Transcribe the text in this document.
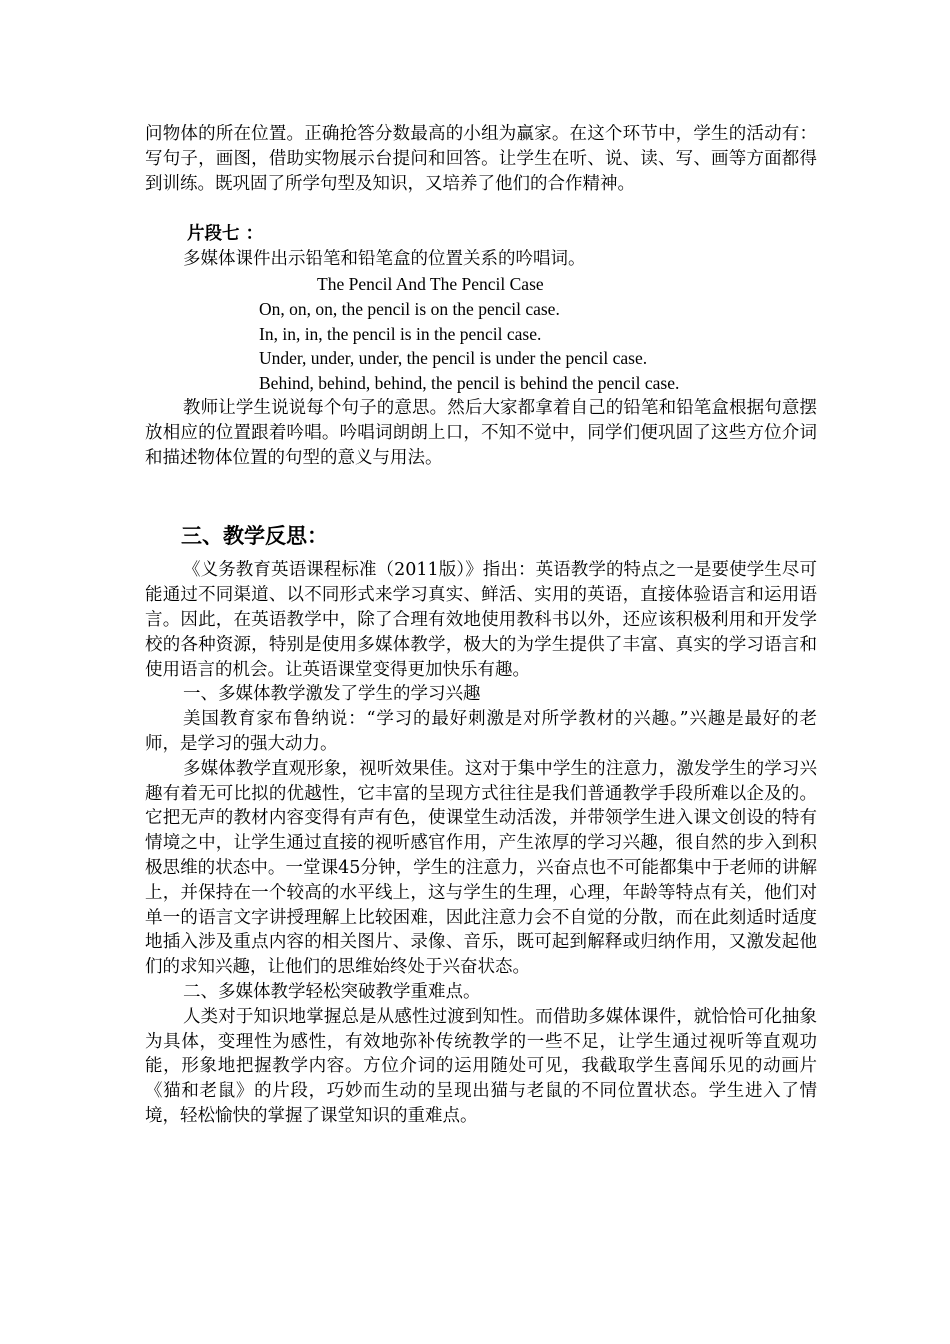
问物体的所在位置。正确抢答分数最高的小组为赢家。在这个环节中，学生的活动有：写句子，画图，借助实物展示台提问和回答。让学生在听、说、读、写、画等方面都得到训练。既巩固了所学句型及知识，又培养了他们的合作精神。

片段七 ：

多媒体课件出示铅笔和铅笔盒的位置关系的吟唱词。

The Pencil And The Pencil Case

On, on, on, the pencil is on the pencil case.

In, in, in, the pencil is in the pencil case.

Under, under, under, the pencil is under the pencil case.

Behind, behind, behind, the pencil is behind the pencil case.

教师让学生说说每个句子的意思。然后大家都拿着自己的铅笔和铅笔盒根据句意摆放相应的位置跟着吟唱。吟唱词朗朗上口，不知不觉中，同学们便巩固了这些方位介词和描述物体位置的句型的意义与用法。

三、教学反思：

《义务教育英语课程标准（2011版）》指出：英语教学的特点之一是要使学生尽可能通过不同渠道、以不同形式来学习真实、鲜活、实用的英语，直接体验语言和运用语言。因此，在英语教学中，除了合理有效地使用教科书以外，还应该积极利用和开发学校的各种资源，特别是使用多媒体教学，极大的为学生提供了丰富、真实的学习语言和使用语言的机会。让英语课堂变得更加快乐有趣。

一、多媒体教学激发了学生的学习兴趣

美国教育家布鲁纳说：“学习的最好刺激是对所学教材的兴趣。”兴趣是最好的老师，是学习的强大动力。

多媒体教学直观形象，视听效果佳。这对于集中学生的注意力，激发学生的学习兴趣有着无可比拟的优越性，它丰富的呈现方式往往是我们普通教学手段所难以企及的。它把无声的教材内容变得有声有色，使课堂生动活泼，并带领学生进入课文创设的特有情境之中，让学生通过直接的视听感官作用，产生浓厚的学习兴趣，很自然的步入到积极思维的状态中。一堂课45分钟，学生的注意力，兴奋点也不可能都集中于老师的讲解上，并保持在一个较高的水平线上，这与学生的生理，心理，年龄等特点有关，他们对单一的语言文字讲授理解上比较困难，因此注意力会不自觉的分散，而在此刻适时适度地插入涉及重点内容的相关图片、录像、音乐，既可起到解释或归纳作用，又激发起他们的求知兴趣，让他们的思维始终处于兴奋状态。

二、多媒体教学轻松突破教学重难点。

人类对于知识地掌握总是从感性过渡到知性。而借助多媒体课件，就恰恰可化抽象为具体，变理性为感性，有效地弥补传统教学的一些不足，让学生通过视听等直观功能，形象地把握教学内容。方位介词的运用随处可见，我截取学生喜闻乐见的动画片《猫和老鼠》的片段，巧妙而生动的呈现出猫与老鼠的不同位置状态。学生进入了情境，轻松愉快的掌握了课堂知识的重难点。
